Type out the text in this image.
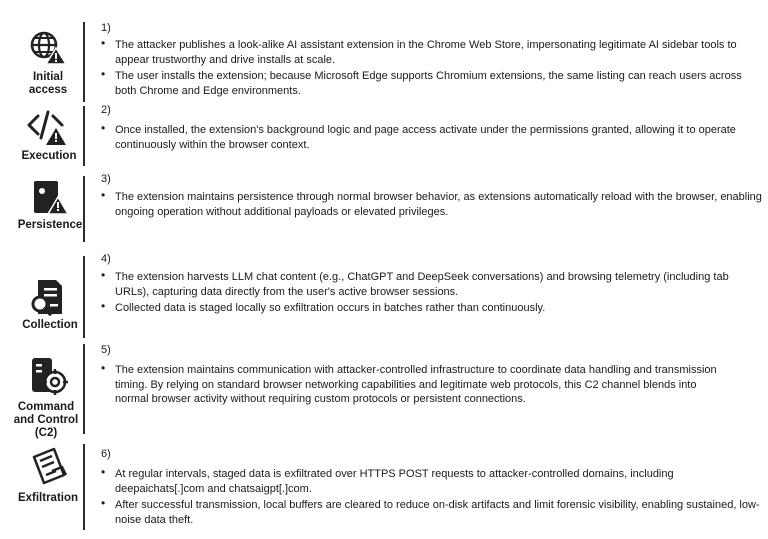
Initial
access
1)
• The attacker publishes a look-alike AI assistant extension in the Chrome Web Store, impersonating legitimate AI sidebar tools to appear trustworthy and drive installs at scale.
• The user installs the extension; because Microsoft Edge supports Chromium extensions, the same listing can reach users across both Chrome and Edge environments.
Execution
2)
• Once installed, the extension's background logic and page access activate under the permissions granted, allowing it to operate continuously within the browser context.
Persistence
3)
• The extension maintains persistence through normal browser behavior, as extensions automatically reload with the browser, enabling ongoing operation without additional payloads or elevated privileges.
Collection
4)
• The extension harvests LLM chat content (e.g., ChatGPT and DeepSeek conversations) and browsing telemetry (including tab URLs), capturing data directly from the user's active browser sessions.
• Collected data is staged locally so exfiltration occurs in batches rather than continuously.
Command
and Control
(C2)
5)
• The extension maintains communication with attacker-controlled infrastructure to coordinate data handling and transmission timing. By relying on standard browser networking capabilities and legitimate web protocols, this C2 channel blends into normal browser activity without requiring custom protocols or persistent connections.
Exfiltration
6)
• At regular intervals, staged data is exfiltrated over HTTPS POST requests to attacker-controlled domains, including deepaichats[.]com and chatsaigpt[.]com.
• After successful transmission, local buffers are cleared to reduce on-disk artifacts and limit forensic visibility, enabling sustained, low-noise data theft.
